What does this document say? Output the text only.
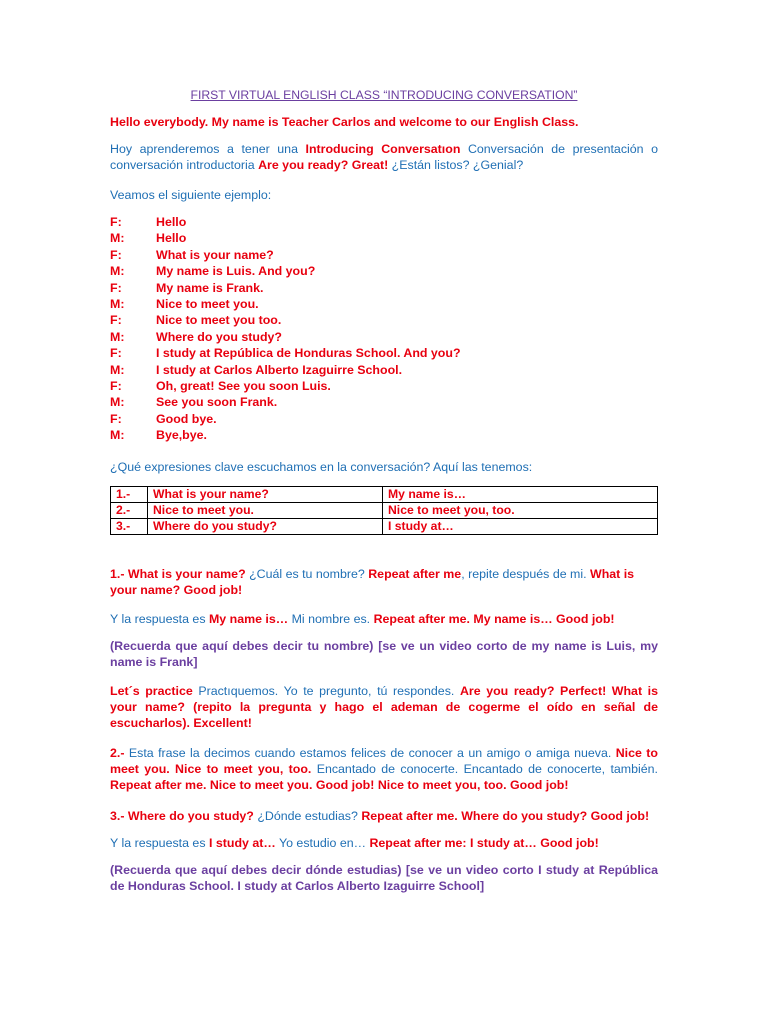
FIRST VIRTUAL ENGLISH CLASS “INTRODUCING CONVERSATION”
Hello everybody. My name is Teacher Carlos and welcome to our English Class.
Hoy aprenderemos a tener una Introducing Conversatıon Conversación de presentación o conversación introductoria Are you ready? Great! ¿Están listos? ¿Genial?
Veamos el siguiente ejemplo:
F:	Hello
M:	Hello
F:	What is your name?
M:	My name is Luis. And you?
F:	My name is Frank.
M:	Nice to meet you.
F:	Nice to meet you too.
M:	Where do you study?
F:	I study at República de Honduras School. And you?
M:	I study at Carlos Alberto Izaguirre School.
F:	Oh, great! See you soon Luis.
M:	See you soon Frank.
F:	Good bye.
M:	Bye,bye.
¿Qué expresiones clave escuchamos en la conversación? Aquí las tenemos:
1.-	What is your name?	My name is…
2.-	Nice to meet you.	Nice to meet you, too.
3.-	Where do you study?	I study at…
1.- What is your name? ¿Cuál es tu nombre? Repeat after me, repite después de mi. What is your name? Good job!
Y la respuesta es My name is… Mi nombre es. Repeat after me. My name is… Good job!
(Recuerda que aquí debes decir tu nombre) [se ve un video corto de my name is Luis, my name is Frank]
Let´s practice Practıquemos. Yo te pregunto, tú respondes. Are you ready? Perfect! What is your name? (repito la pregunta y hago el ademan de cogerme el oído en señal de escucharlos). Excellent!
2.- Esta frase la decimos cuando estamos felices de conocer a un amigo o amiga nueva. Nice to meet you. Nice to meet you, too. Encantado de conocerte. Encantado de conocerte, también. Repeat after me. Nice to meet you. Good job! Nice to meet you, too. Good job!
3.- Where do you study? ¿Dónde estudias? Repeat after me. Where do you study? Good job!
Y la respuesta es I study at… Yo estudio en… Repeat after me: I study at… Good job!
(Recuerda que aquí debes decir dónde estudias) [se ve un video corto I study at República de Honduras School. I study at Carlos Alberto Izaguirre School]
